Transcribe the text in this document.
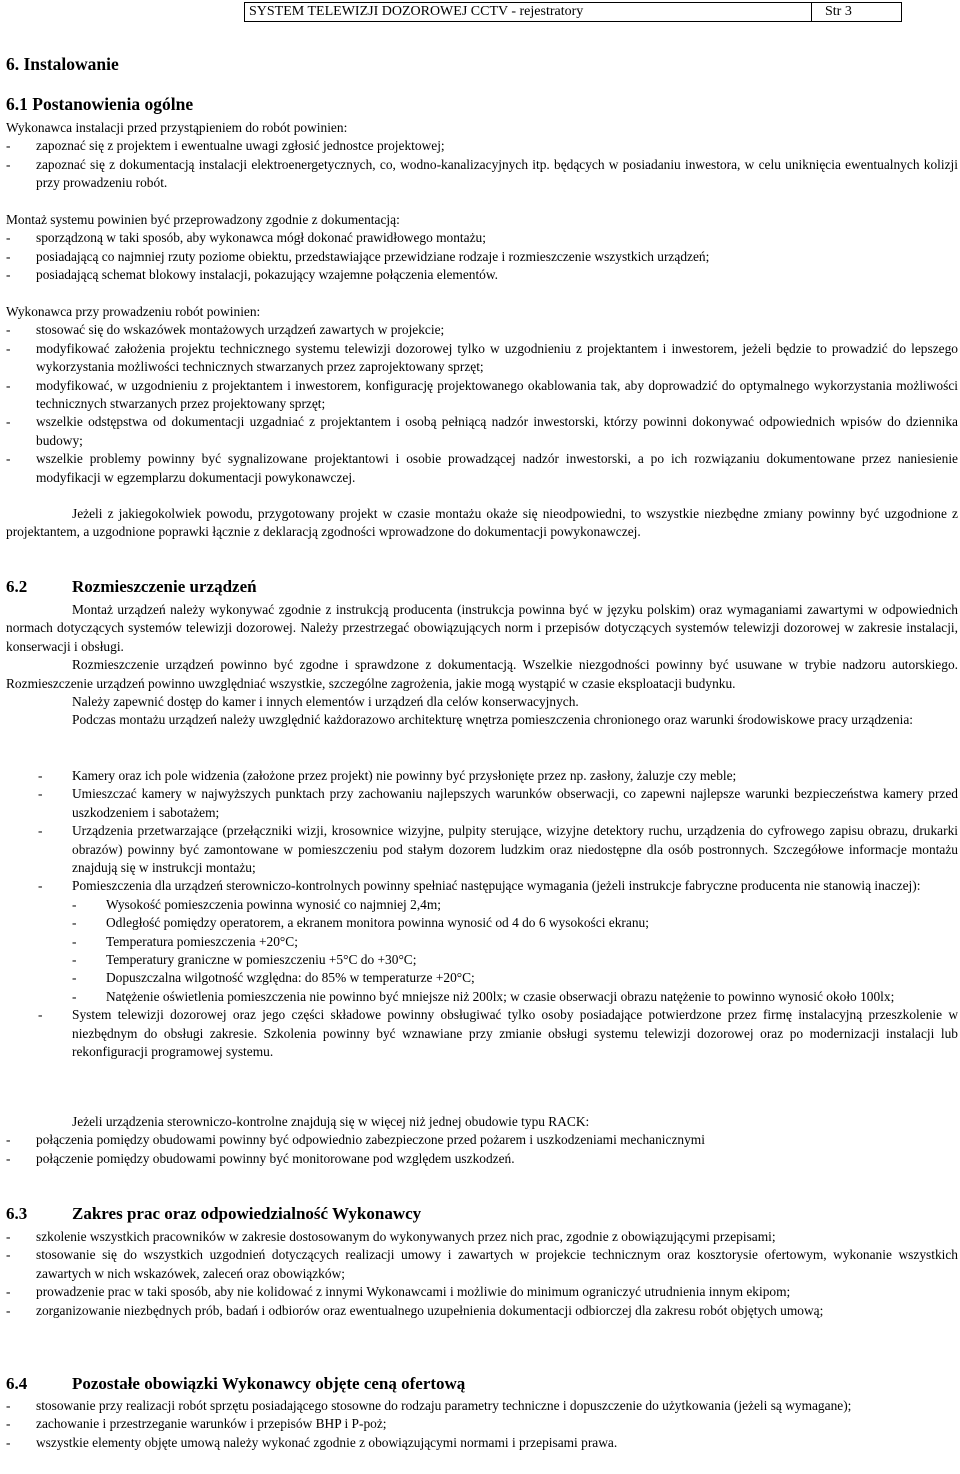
SYSTEM TELEWIZJI DOZOROWEJ CCTV - rejestratory	Str 3
6. Instalowanie
6.1 Postanowienia ogólne

Wykonawca instalacji przed przystąpieniem do robót powinien:

- zapoznać się z projektem i ewentualne uwagi zgłosić jednostce projektowej;
- zapoznać się z dokumentacją instalacji elektroenergetycznych, co, wodno-kanalizacyjnych itp. będących w posiadaniu inwestora, w celu uniknięcia ewentualnych kolizji przy prowadzeniu robót.

Montaż systemu powinien być przeprowadzony zgodnie z dokumentacją:

- sporządzoną w taki sposób, aby wykonawca mógł dokonać prawidłowego montażu;
- posiadającą co najmniej rzuty poziome obiektu, przedstawiające przewidziane rodzaje i rozmieszczenie wszystkich urządzeń;
- posiadającą schemat blokowy instalacji, pokazujący wzajemne połączenia elementów.

Wykonawca przy prowadzeniu robót powinien:

- stosować się do wskazówek montażowych urządzeń zawartych w projekcie;
- modyfikować założenia projektu technicznego systemu telewizji dozorowej tylko w uzgodnieniu z projektantem i inwestorem, jeżeli będzie to prowadzić do lepszego wykorzystania możliwości technicznych stwarzanych przez zaprojektowany sprzęt;
- modyfikować, w uzgodnieniu z projektantem i inwestorem, konfigurację projektowanego okablowania tak, aby doprowadzić do optymalnego wykorzystania możliwości technicznych stwarzanych przez projektowany sprzęt;
- wszelkie odstępstwa od dokumentacji uzgadniać z projektantem i osobą pełniącą nadzór inwestorski, którzy powinni dokonywać odpowiednich wpisów do dziennika budowy;
- wszelkie problemy powinny być sygnalizowane projektantowi i osobie prowadzącej nadzór inwestorski, a po ich rozwiązaniu dokumentowane przez naniesienie modyfikacji w egzemplarzu dokumentacji powykonawczej.

Jeżeli z jakiegokolwiek powodu, przygotowany projekt w czasie montażu okaże się nieodpowiedni, to wszystkie niezbędne zmiany powinny być uzgodnione z projektantem, a uzgodnione poprawki łącznie z deklaracją zgodności wprowadzone do dokumentacji powykonawczej.

6.2	Rozmieszczenie urządzeń

Montaż urządzeń należy wykonywać zgodnie z instrukcją producenta (instrukcja powinna być w języku polskim) oraz wymaganiami zawartymi w odpowiednich normach dotyczących systemów telewizji dozorowej. Należy przestrzegać obowiązujących norm i przepisów dotyczących systemów telewizji dozorowej w zakresie instalacji, konserwacji i obsługi.

Rozmieszczenie urządzeń powinno być zgodne i sprawdzone z dokumentacją. Wszelkie niezgodności powinny być usuwane w trybie nadzoru autorskiego. Rozmieszczenie urządzeń powinno uwzględniać wszystkie, szczególne zagrożenia, jakie mogą wystąpić w czasie eksploatacji budynku.

Należy zapewnić dostęp do kamer i innych elementów i urządzeń dla celów konserwacyjnych.

Podczas montażu urządzeń należy uwzględnić każdorazowo architekturę wnętrza pomieszczenia chronionego oraz warunki środowiskowe pracy urządzenia:

- Kamery oraz ich pole widzenia (założone przez projekt) nie powinny być przysłonięte przez np. zasłony, żaluzje czy meble;
- Umieszczać kamery w najwyższych punktach przy zachowaniu najlepszych warunków obserwacji, co zapewni najlepsze warunki bezpieczeństwa kamery przed uszkodzeniem i sabotażem;
- Urządzenia przetwarzające (przełączniki wizji, krosownice wizyjne, pulpity sterujące, wizyjne detektory ruchu, urządzenia do cyfrowego zapisu obrazu, drukarki obrazów) powinny być zamontowane w pomieszczeniu pod stałym dozorem ludzkim oraz niedostępne dla osób postronnych. Szczegółowe informacje montażu znajdują się w instrukcji montażu;
- Pomieszczenia dla urządzeń sterowniczo-kontrolnych powinny spełniać następujące wymagania (jeżeli instrukcje fabryczne producenta nie stanowią inaczej):
- Wysokość pomieszczenia powinna wynosić co najmniej 2,4m;
- Odległość pomiędzy operatorem, a ekranem monitora powinna wynosić od 4 do 6 wysokości ekranu;
- Temperatura pomieszczenia +20°C;
- Temperatury graniczne w pomieszczeniu +5°C do +30°C;
- Dopuszczalna wilgotność względna: do 85% w temperaturze +20°C;
- Natężenie oświetlenia pomieszczenia nie powinno być mniejsze niż 200lx; w czasie obserwacji obrazu natężenie to powinno wynosić około 100lx;
- System telewizji dozorowej oraz jego części składowe powinny obsługiwać tylko osoby posiadające potwierdzone przez firmę instalacyjną przeszkolenie w niezbędnym do obsługi zakresie. Szkolenia powinny być wznawiane przy zmianie obsługi systemu telewizji dozorowej oraz po modernizacji instalacji lub rekonfiguracji programowej systemu.

Jeżeli urządzenia sterowniczo-kontrolne znajdują się w więcej niż jednej obudowie typu RACK:

- połączenia pomiędzy obudowami powinny być odpowiednio zabezpieczone przed pożarem i uszkodzeniami mechanicznymi
- połączenie pomiędzy obudowami powinny być monitorowane pod względem uszkodzeń.
6.3	Zakres prac oraz odpowiedzialność Wykonawcy
- szkolenie wszystkich pracowników w zakresie dostosowanym do wykonywanych przez nich prac, zgodnie z obowiązującymi przepisami;
- stosowanie się do wszystkich uzgodnień dotyczących realizacji umowy i zawartych w projekcie technicznym oraz kosztorysie ofertowym, wykonanie wszystkich zawartych w nich wskazówek, zaleceń oraz obowiązków;
- prowadzenie prac w taki sposób, aby nie kolidować z innymi Wykonawcami i możliwie do minimum ograniczyć utrudnienia innym ekipom;
- zorganizowanie niezbędnych prób, badań i odbiorów oraz ewentualnego uzupełnienia dokumentacji odbiorczej dla zakresu robót objętych umową;
6.4	Pozostałe obowiązki Wykonawcy objęte ceną ofertową
- stosowanie przy realizacji robót sprzętu posiadającego stosowne do rodzaju parametry techniczne i dopuszczenie do użytkowania (jeżeli są wymagane);
- zachowanie i przestrzeganie warunków i przepisów BHP i P-poż;
- wszystkie elementy objęte umową należy wykonać zgodnie z obowiązującymi normami i przepisami prawa.
